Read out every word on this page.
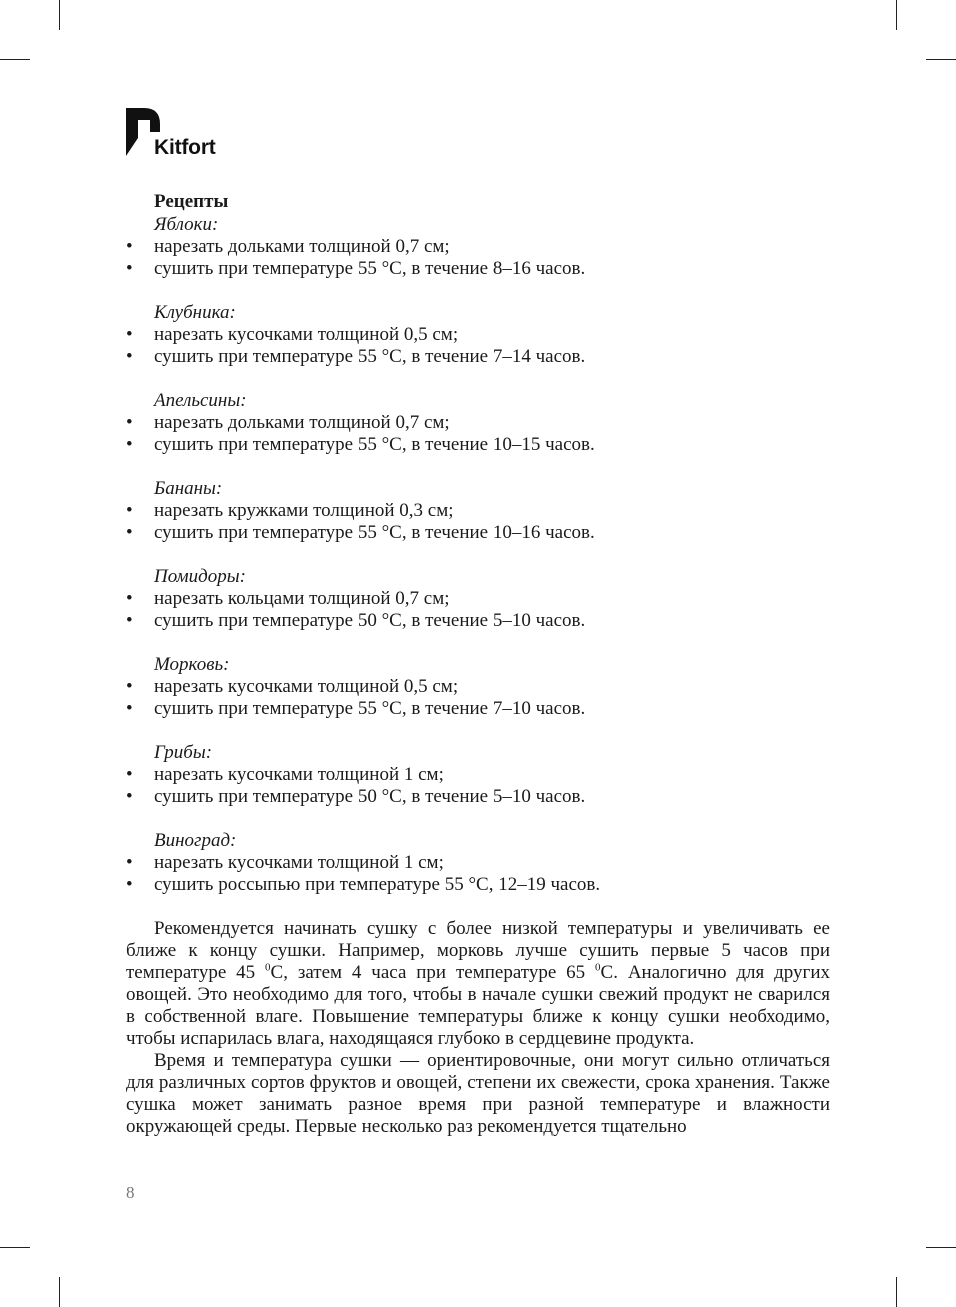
Kitfort
Рецепты
Яблоки:
• нарезать дольками толщиной 0,7 см;
• сушить при температуре 55 °С, в течение 8–16 часов.
Клубника:
• нарезать кусочками толщиной 0,5 см;
• сушить при температуре 55 °С, в течение 7–14 часов.
Апельсины:
• нарезать дольками толщиной 0,7 см;
• сушить при температуре 55 °С, в течение 10–15 часов.
Бананы:
• нарезать кружками толщиной 0,3 см;
• сушить при температуре 55 °С, в течение 10–16 часов.
Помидоры:
• нарезать кольцами толщиной 0,7 см;
• сушить при температуре 50 °С, в течение 5–10 часов.
Морковь:
• нарезать кусочками толщиной 0,5 см;
• сушить при температуре 55 °С, в течение 7–10 часов.
Грибы:
• нарезать кусочками толщиной 1 см;
• сушить при температуре 50 °С, в течение 5–10 часов.
Виноград:
• нарезать кусочками толщиной 1 см;
• сушить россыпью при температуре 55 °С, 12–19 часов.

Рекомендуется начинать сушку с более низкой температуры и увеличивать ее ближе к концу сушки. Например, морковь лучше сушить первые 5 часов при температуре 45 $^0$С, затем 4 часа при температуре 65 $^0$С. Аналогично для других овощей. Это необходимо для того, чтобы в начале сушки свежий продукт не сварился в собственной влаге. Повышение температуры ближе к концу сушки необходимо, чтобы испарилась влага, находящаяся глубоко в сердцевине продукта.

Время и температура сушки — ориентировочные, они могут сильно отличаться для различных сортов фруктов и овощей, степени их свежести, срока хранения. Также сушка может занимать разное время при разной температуре и влажности окружающей среды. Первые несколько раз рекомендуется тщательно

8
